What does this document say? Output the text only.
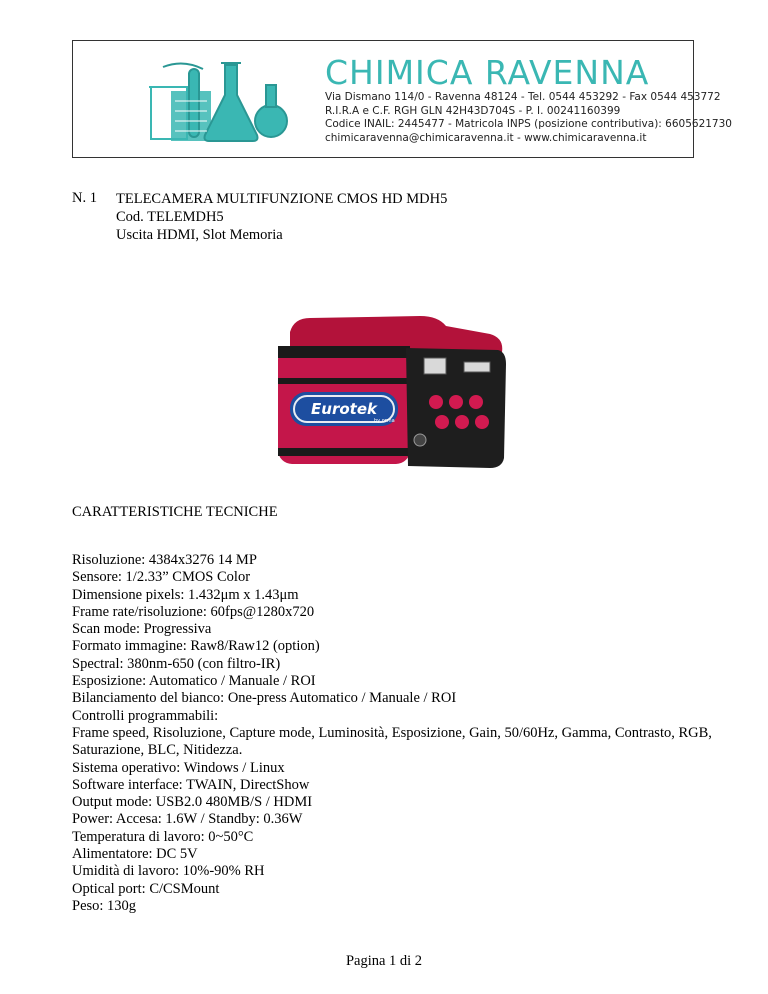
CHIMICA RAVENNA
Via Dismano 114/0 - Ravenna 48124 - Tel. 0544 453292 - Fax 0544 453772
R.I.R.A e C.F. RGH GLN 42H43D704S - P. I. 00241160399
Codice INAIL: 2445477 - Matricola INPS (posizione contributiva): 6605621730
chimicaravenna@chimicaravenna.it - www.chimicaravenna.it
N. 1 TELECAMERA MULTIFUNZIONE CMOS HD MDH5
Cod. TELEMDH5
Uscita HDMI, Slot Memoria
Eurotek
by orma
CARATTERISTICHE TECNICHE
Risoluzione: 4384x3276 14 MP
Sensore: 1/2.33” CMOS Color
Dimensione pixels: 1.432μm x 1.43μm
Frame rate/risoluzione: 60fps@1280x720
Scan mode: Progressiva
Formato immagine: Raw8/Raw12 (option)
Spectral: 380nm-650 (con filtro-IR)
Esposizione: Automatico / Manuale / ROI
Bilanciamento del bianco: One-press Automatico / Manuale / ROI
Controlli programmabili:
Frame speed, Risoluzione, Capture mode, Luminosità, Esposizione, Gain, 50/60Hz, Gamma, Contrasto, RGB, Saturazione, BLC, Nitidezza.
Sistema operativo: Windows / Linux
Software interface: TWAIN, DirectShow
Output mode: USB2.0 480MB/S / HDMI
Power: Accesa: 1.6W / Standby: 0.36W
Temperatura di lavoro: 0~50°C
Alimentatore: DC 5V
Umidità di lavoro: 10%-90% RH
Optical port: C/CSMount
Peso: 130g
Pagina 1 di 2
